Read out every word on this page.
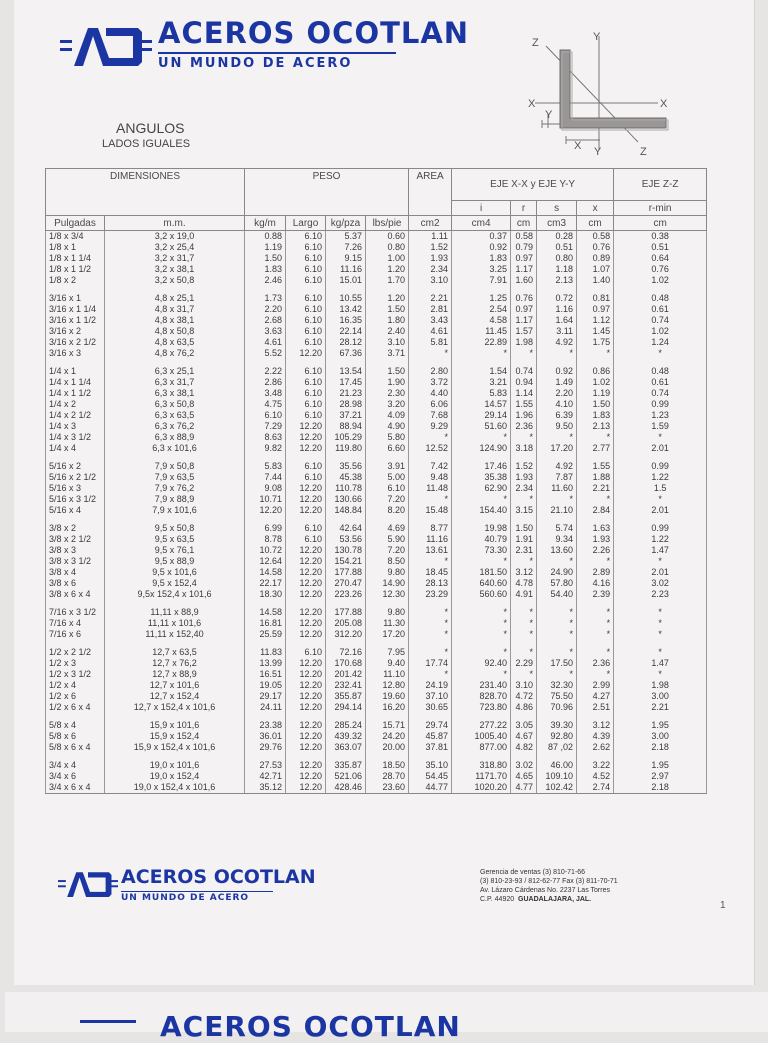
ACEROS OCOTLAN
UN MUNDO DE ACERO
ANGULOS
LADOS IGUALES
Z	Y
X	X
Y
X Y	Z
DIMENSIONES		PESO				AREA	EJE X-X y EJE Y-Y				EJE Z-Z
							i	r	s	x	r-min
Pulgadas	m.m.	kg/m	Largo	kg/pza	lbs/pie	cm2	cm4	cm	cm3	cm	cm
1/8 x 3/4	3,2 x 19,0	0.88	6.10	5.37	0.60	1.11	0.37	0.58	0.28	0.58	0.38
1/8 x 1	3,2 x 25,4	1.19	6.10	7.26	0.80	1.52	0.92	0.79	0.51	0.76	0.51
1/8 x 1 1/4	3,2 x 31,7	1.50	6.10	9.15	1.00	1.93	1.83	0.97	0.80	0.89	0.64
1/8 x 1 1/2	3,2 x 38,1	1.83	6.10	11.16	1.20	2.34	3.25	1.17	1.18	1.07	0.76
1/8 x 2	3,2 x 50,8	2.46	6.10	15.01	1.70	3.10	7.91	1.60	2.13	1.40	1.02

3/16 x 1	4,8 x 25,1	1.73	6.10	10.55	1.20	2.21	1.25	0.76	0.72	0.81	0.48
3/16 x 1 1/4	4,8 x 31,7	2.20	6.10	13.42	1.50	2.81	2.54	0.97	1.16	0.97	0.61
3/16 x 1 1/2	4,8 x 38,1	2.68	6.10	16.35	1.80	3.43	4.58	1.17	1.64	1.12	0.74
3/16 x 2	4,8 x 50,8	3.63	6.10	22.14	2.40	4.61	11.45	1.57	3.11	1.45	1.02
3/16 x 2 1/2	4,8 x 63,5	4.61	6.10	28.12	3.10	5.81	22.89	1.98	4.92	1.75	1.24
3/16 x 3	4,8 x 76,2	5.52	12.20	67.36	3.71	*	*	*	*	*	*

1/4 x 1	6,3 x 25,1	2.22	6.10	13.54	1.50	2.80	1.54	0.74	0.92	0.86	0.48
1/4 x 1 1/4	6,3 x 31,7	2.86	6.10	17.45	1.90	3.72	3.21	0.94	1.49	1.02	0.61
1/4 x 1 1/2	6,3 x 38,1	3.48	6.10	21.23	2.30	4.40	5.83	1.14	2.20	1.19	0.74
1/4 x 2	6,3 x 50,8	4.75	6.10	28.98	3.20	6.06	14.57	1.55	4.10	1.50	0.99
1/4 x 2 1/2	6,3 x 63,5	6.10	6.10	37.21	4.09	7.68	29.14	1.96	6.39	1.83	1.23
1/4 x 3	6,3 x 76,2	7.29	12.20	88.94	4.90	9.29	51.60	2.36	9.50	2.13	1.59
1/4 x 3 1/2	6,3 x 88,9	8.63	12.20	105.29	5.80	*	*	*	*	*	*
1/4 x 4	6,3 x 101,6	9.82	12.20	119.80	6.60	12.52	124.90	3.18	17.20	2.77	2.01

5/16 x 2	7,9 x 50,8	5.83	6.10	35.56	3.91	7.42	17.46	1.52	4.92	1.55	0.99
5/16 x 2 1/2	7,9 x 63,5	7.44	6.10	45.38	5.00	9.48	35.38	1.93	7.87	1.88	1.22
5/16 x 3	7,9 x 76,2	9.08	12.20	110.78	6.10	11.48	62.90	2.34	11.60	2.21	1.5
5/16 x 3 1/2	7,9 x 88,9	10.71	12.20	130.66	7.20	*	*	*	*	*	*
5/16 x 4	7,9 x 101,6	12.20	12.20	148.84	8.20	15.48	154.40	3.15	21.10	2.84	2.01

3/8 x 2	9,5 x 50,8	6.99	6.10	42.64	4.69	8.77	19.98	1.50	5.74	1.63	0.99
3/8 x 2 1/2	9,5 x 63,5	8.78	6.10	53.56	5.90	11.16	40.79	1.91	9.34	1.93	1.22
3/8 x 3	9,5 x 76,1	10.72	12.20	130.78	7.20	13.61	73.30	2.31	13.60	2.26	1.47
3/8 x 3 1/2	9,5 x 88,9	12.64	12.20	154.21	8.50	*	*	*	*	*	*
3/8 x 4	9,5 x 101,6	14.58	12.20	177.88	9.80	18.45	181.50	3.12	24.90	2.89	2.01
3/8 x 6	9,5 x 152,4	22.17	12.20	270.47	14.90	28.13	640.60	4.78	57.80	4.16	3.02
3/8 x 6 x 4	9,5x 152,4 x 101,6	18.30	12.20	223.26	12.30	23.29	560.60	4.91	54.40	2.39	2.23

7/16 x 3 1/2	11,11 x 88,9	14.58	12.20	177.88	9.80	*	*	*	*	*	*
7/16 x 4	11,11 x 101,6	16.81	12.20	205.08	11.30	*	*	*	*	*	*
7/16 x 6	11,11 x 152,40	25.59	12.20	312.20	17.20	*	*	*	*	*	*

1/2 x 2 1/2	12,7 x 63,5	11.83	6.10	72.16	7.95	*	*	*	*	*	*
1/2 x 3	12,7 x 76,2	13.99	12.20	170.68	9.40	17.74	92.40	2.29	17.50	2.36	1.47
1/2 x 3 1/2	12,7 x 88,9	16.51	12.20	201.42	11.10	*	*	*	*	*	*
1/2 x 4	12,7 x 101,6	19.05	12.20	232.41	12.80	24.19	231.40	3.10	32.30	2.99	1.98
1/2 x 6	12,7 x 152,4	29.17	12.20	355.87	19.60	37.10	828.70	4.72	75.50	4.27	3.00
1/2 x 6 x 4	12,7 x 152,4 x 101,6	24.11	12.20	294.14	16.20	30.65	723.80	4.86	70.96	2.51	2.21

5/8 x 4	15,9 x 101,6	23.38	12.20	285.24	15.71	29.74	277.22	3.05	39.30	3.12	1.95
5/8 x 6	15,9 x 152,4	36.01	12.20	439.32	24.20	45.87	1005.40	4.67	92.80	4.39	3.00
5/8 x 6 x 4	15,9 x 152,4 x 101,6	29.76	12.20	363.07	20.00	37.81	877.00	4.82	87 ,02	2.62	2.18

3/4 x 4	19,0 x 101,6	27.53	12.20	335.87	18.50	35.10	318.80	3.02	46.00	3.22	1.95
3/4 x 6	19,0 x 152,4	42.71	12.20	521.06	28.70	54.45	1171.70	4.65	109.10	4.52	2.97
3/4 x 6 x 4	19,0 x 152,4 x 101,6	35.12	12.20	428.46	23.60	44.77	1020.20	4.77	102.42	2.74	2.18
ACEROS OCOTLAN
UN MUNDO DE ACERO
Gerencia de ventas (3) 810-71-66
(3) 810-23-93 / 812-62-77 Fax (3) 811-70-71
Av. Lázaro Cárdenas No. 2237 Las Torres
C.P. 44920 GUADALAJARA, JAL.
1
ACEROS OCOTLAN
